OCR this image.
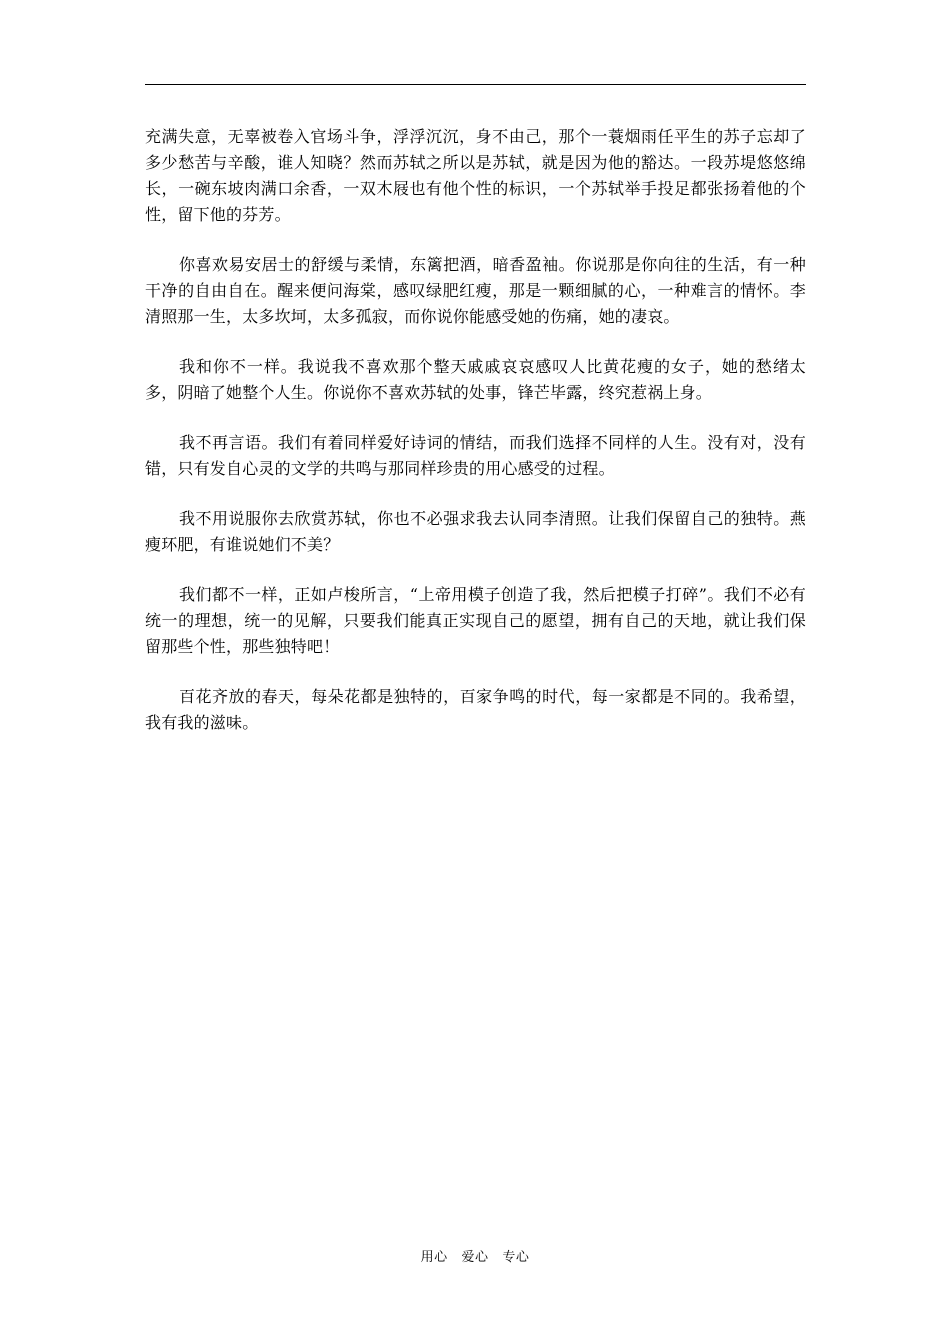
充满失意，无辜被卷入官场斗争，浮浮沉沉，身不由己，那个一蓑烟雨任平生的苏子忘却了多少愁苦与辛酸，谁人知晓？然而苏轼之所以是苏轼，就是因为他的豁达。一段苏堤悠悠绵长，一碗东坡肉满口余香，一双木屐也有他个性的标识，一个苏轼举手投足都张扬着他的个性，留下他的芬芳。

你喜欢易安居士的舒缓与柔情，东篱把酒，暗香盈袖。你说那是你向往的生活，有一种干净的自由自在。醒来便问海棠，感叹绿肥红瘦，那是一颗细腻的心，一种难言的情怀。李清照那一生，太多坎坷，太多孤寂，而你说你能感受她的伤痛，她的凄哀。

我和你不一样。我说我不喜欢那个整天戚戚哀哀感叹人比黄花瘦的女子，她的愁绪太多，阴暗了她整个人生。你说你不喜欢苏轼的处事，锋芒毕露，终究惹祸上身。

我不再言语。我们有着同样爱好诗词的情结，而我们选择不同样的人生。没有对，没有错，只有发自心灵的文学的共鸣与那同样珍贵的用心感受的过程。

我不用说服你去欣赏苏轼，你也不必强求我去认同李清照。让我们保留自己的独特。燕瘦环肥，有谁说她们不美？

我们都不一样，正如卢梭所言，“上帝用模子创造了我，然后把模子打碎”。我们不必有统一的理想，统一的见解，只要我们能真正实现自己的愿望，拥有自己的天地，就让我们保留那些个性，那些独特吧！

百花齐放的春天，每朵花都是独特的，百家争鸣的时代，每一家都是不同的。我希望，我有我的滋味。

用心   爱心   专心
